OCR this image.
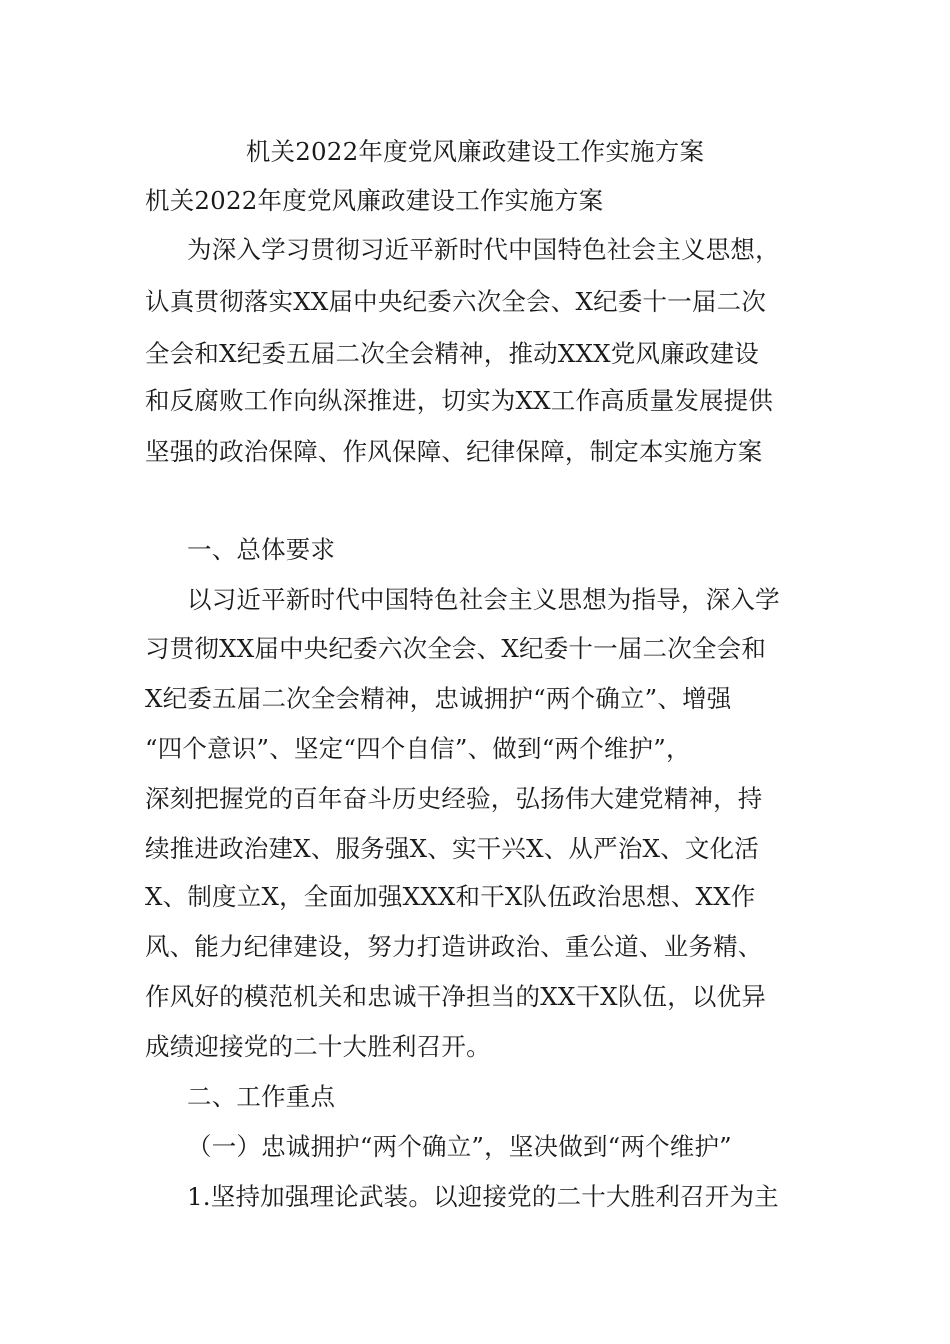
机关2022年度党风廉政建设工作实施方案
机关2022年度党风廉政建设工作实施方案
为深入学习贯彻习近平新时代中国特色社会主义思想，
认真贯彻落实XX届中央纪委六次全会、X纪委十一届二次
全会和X纪委五届二次全会精神，推动XXX党风廉政建设
和反腐败工作向纵深推进，切实为XX工作高质量发展提供
坚强的政治保障、作风保障、纪律保障，制定本实施方案
一、总体要求
以习近平新时代中国特色社会主义思想为指导，深入学
习贯彻XX届中央纪委六次全会、X纪委十一届二次全会和
X纪委五届二次全会精神，忠诚拥护“两个确立”、增强
“四个意识”、坚定“四个自信”、做到“两个维护”，
深刻把握党的百年奋斗历史经验，弘扬伟大建党精神，持
续推进政治建X、服务强X、实干兴X、从严治X、文化活
X、制度立X，全面加强XXX和干X队伍政治思想、XX作
风、能力纪律建设，努力打造讲政治、重公道、业务精、
作风好的模范机关和忠诚干净担当的XX干X队伍，以优异
成绩迎接党的二十大胜利召开。
二、工作重点
（一）忠诚拥护“两个确立”，坚决做到“两个维护”
1.坚持加强理论武装。以迎接党的二十大胜利召开为主
